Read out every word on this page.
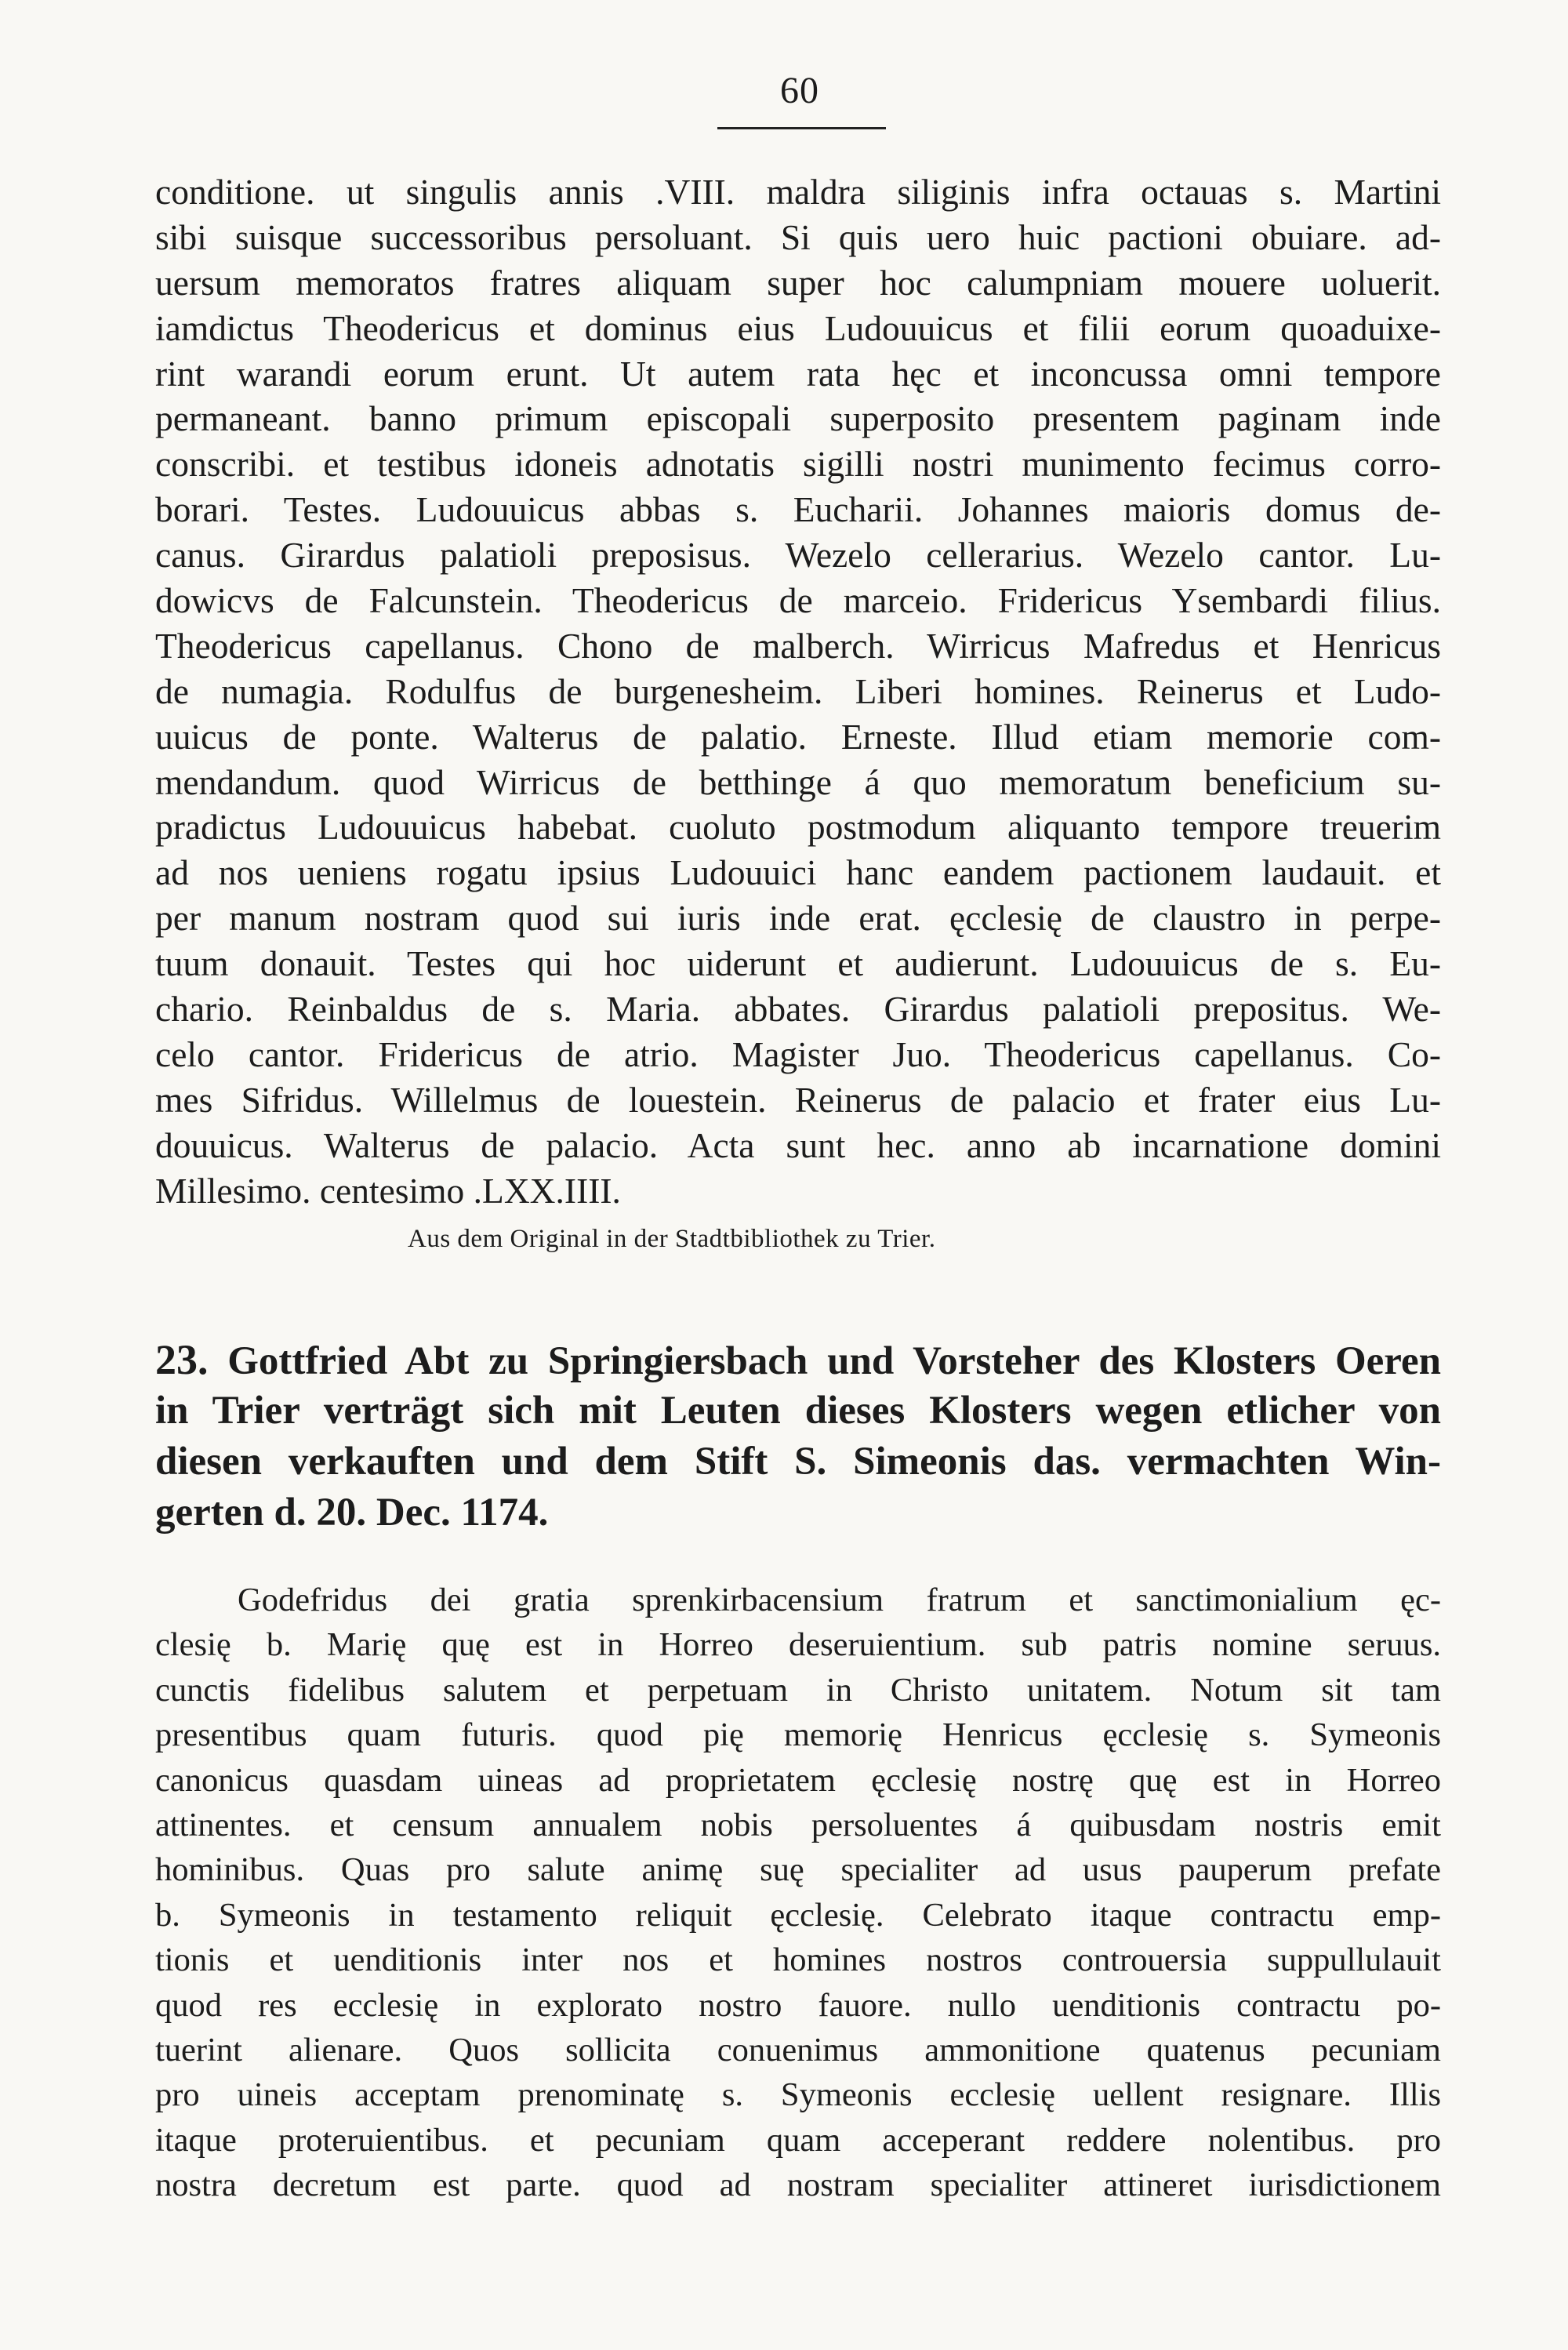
60
conditione. ut singulis annis .VIII. maldra siliginis infra octauas s. Martini
sibi suisque successoribus persoluant. Si quis uero huic pactioni obuiare. ad-
uersum memoratos fratres aliquam super hoc calumpniam mouere uoluerit.
iamdictus Theodericus et dominus eius Ludouuicus et filii eorum quoaduixe-
rint warandi eorum erunt. Ut autem rata hęc et inconcussa omni tempore
permaneant. banno primum episcopali superposito presentem paginam inde
conscribi. et testibus idoneis adnotatis sigilli nostri munimento fecimus corro-
borari. Testes. Ludouuicus abbas s. Eucharii. Johannes maioris domus de-
canus. Girardus palatioli preposisus. Wezelo cellerarius. Wezelo cantor. Lu-
dowicvs de Falcunstein. Theodericus de marceio. Fridericus Ysembardi filius.
Theodericus capellanus. Chono de malberch. Wirricus Mafredus et Henricus
de numagia. Rodulfus de burgenesheim. Liberi homines. Reinerus et Ludo-
uuicus de ponte. Walterus de palatio. Erneste. Illud etiam memorie com-
mendandum. quod Wirricus de betthinge á quo memoratum beneficium su-
pradictus Ludouuicus habebat. cuoluto postmodum aliquanto tempore treuerim
ad nos ueniens rogatu ipsius Ludouuici hanc eandem pactionem laudauit. et
per manum nostram quod sui iuris inde erat. ęcclesię de claustro in perpe-
tuum donauit. Testes qui hoc uiderunt et audierunt. Ludouuicus de s. Eu-
chario. Reinbaldus de s. Maria. abbates. Girardus palatioli prepositus. We-
celo cantor. Fridericus de atrio. Magister Juo. Theodericus capellanus. Co-
mes Sifridus. Willelmus de louestein. Reinerus de palacio et frater eius Lu-
douuicus. Walterus de palacio. Acta sunt hec. anno ab incarnatione domini
Millesimo. centesimo .LXX.IIII.
Aus dem Original in der Stadtbibliothek zu Trier.
23. Gottfried Abt zu Springiersbach und Vorsteher des Klosters Oeren
in Trier verträgt sich mit Leuten dieses Klosters wegen etlicher von
diesen verkauften und dem Stift S. Simeonis das. vermachten Win-
gerten d. 20. Dec. 1174.
Godefridus dei gratia sprenkirbacensium fratrum et sanctimonialium ęc-
clesię b. Marię quę est in Horreo deseruientium. sub patris nomine seruus.
cunctis fidelibus salutem et perpetuam in Christo unitatem. Notum sit tam
presentibus quam futuris. quod pię memorię Henricus ęcclesię s. Symeonis
canonicus quasdam uineas ad proprietatem ęcclesię nostrę quę est in Horreo
attinentes. et censum annualem nobis persoluentes á quibusdam nostris emit
hominibus. Quas pro salute animę suę specialiter ad usus pauperum prefate
b. Symeonis in testamento reliquit ęcclesię. Celebrato itaque contractu emp-
tionis et uenditionis inter nos et homines nostros controuersia suppullulauit
quod res ecclesię in explorato nostro fauore. nullo uenditionis contractu po-
tuerint alienare. Quos sollicita conuenimus ammonitione quatenus pecuniam
pro uineis acceptam prenominatę s. Symeonis ecclesię uellent resignare. Illis
itaque proteruientibus. et pecuniam quam acceperant reddere nolentibus. pro
nostra decretum est parte. quod ad nostram specialiter attineret iurisdictionem
